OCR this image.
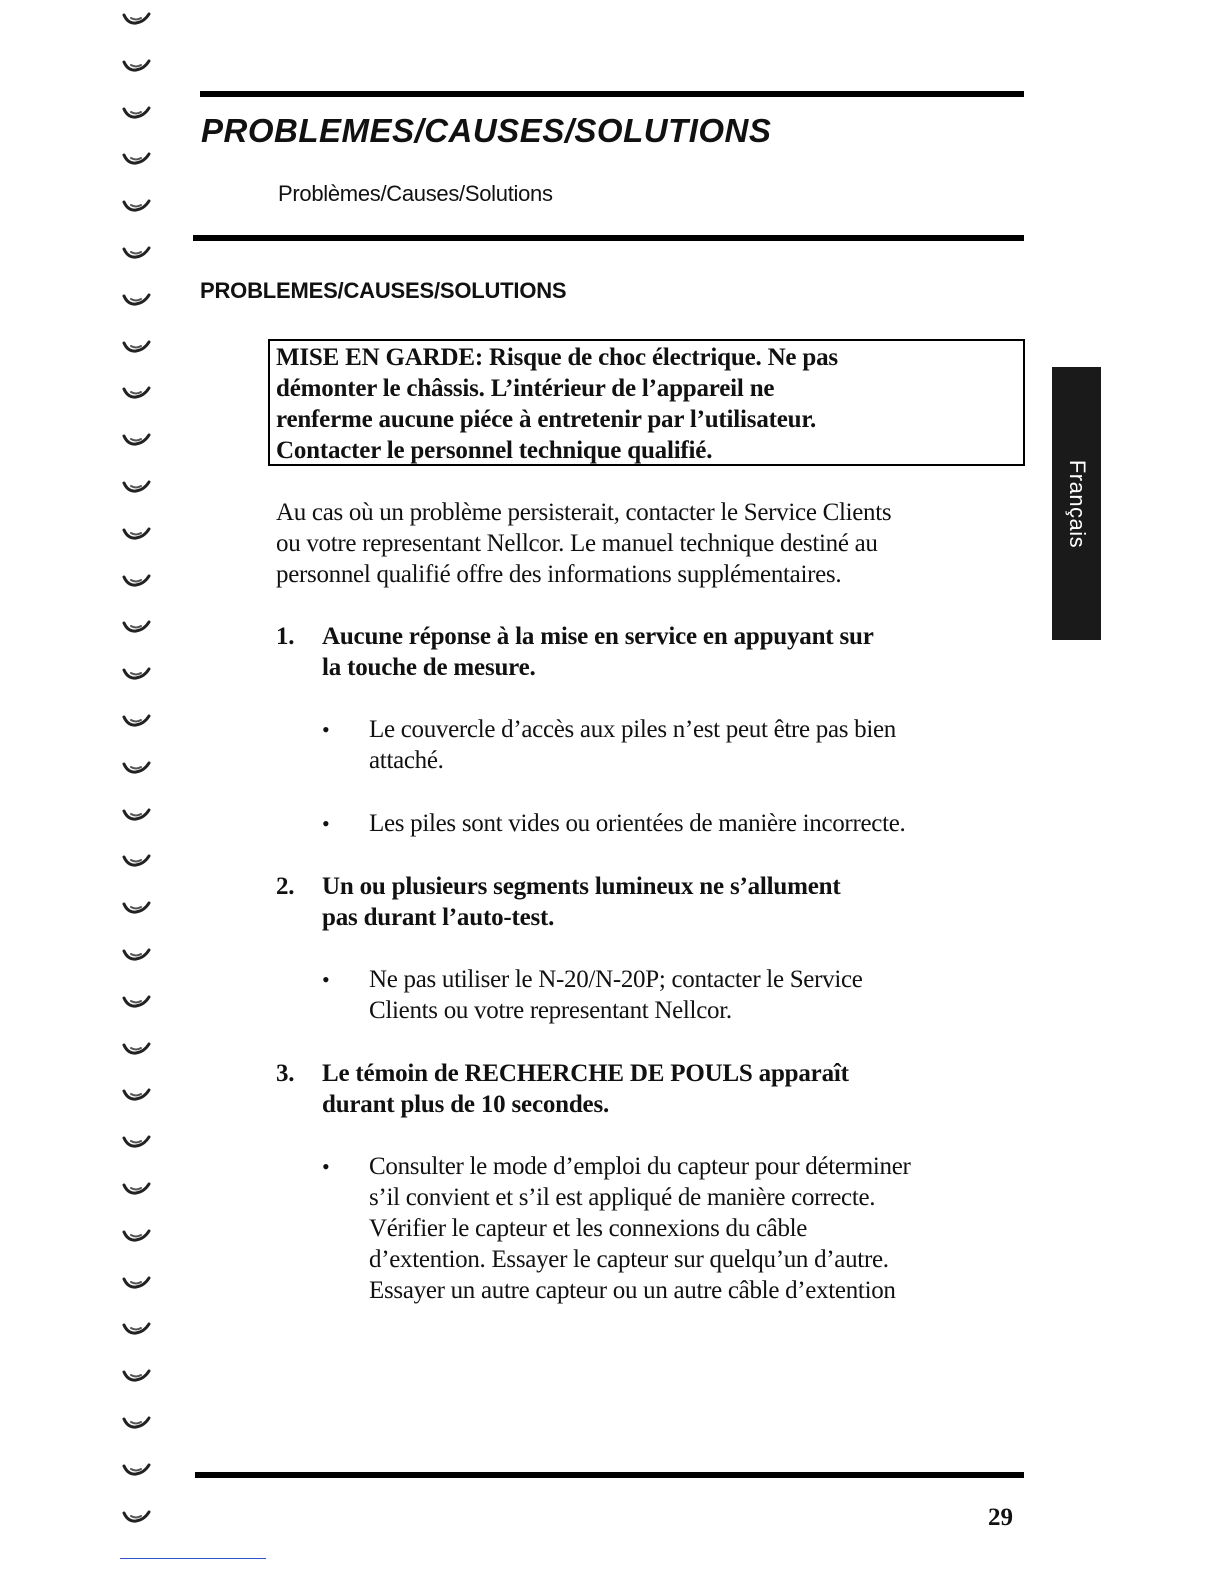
PROBLEMES/CAUSES/SOLUTIONS
Problèmes/Causes/Solutions
PROBLEMES/CAUSES/SOLUTIONS
MISE EN GARDE: Risque de choc électrique. Ne pas
démonter le châssis. L’intérieur de l’appareil ne
renferme aucune piéce à entretenir par l’utilisateur.
Contacter le personnel technique qualifié.

Au cas où un problème persisterait, contacter le Service Clients
ou votre representant Nellcor. Le manuel technique destiné au
personnel qualifié offre des informations supplémentaires.

1. Aucune réponse à la mise en service en appuyant sur
la touche de mesure.
• Le couvercle d’accès aux piles n’est peut être pas bien
attaché.
• Les piles sont vides ou orientées de manière incorrecte.
2. Un ou plusieurs segments lumineux ne s’allument
pas durant l’auto-test.
• Ne pas utiliser le N-20/N-20P; contacter le Service
Clients ou votre representant Nellcor.
3. Le témoin de RECHERCHE DE POULS apparaît
durant plus de 10 secondes.
• Consulter le mode d’emploi du capteur pour déterminer
s’il convient et s’il est appliqué de manière correcte.
Vérifier le capteur et les connexions du câble
d’extention. Essayer le capteur sur quelqu’un d’autre.
Essayer un autre capteur ou un autre câble d’extention
Français
29
